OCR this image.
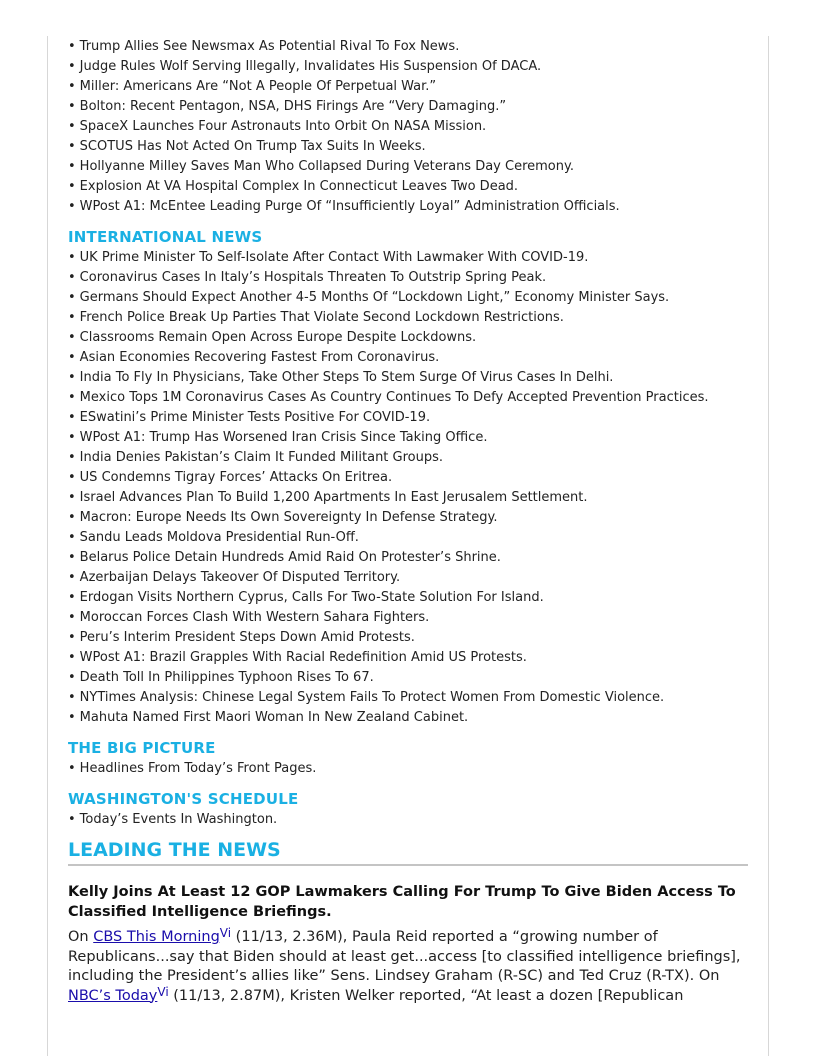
• Trump Allies See Newsmax As Potential Rival To Fox News.
• Judge Rules Wolf Serving Illegally, Invalidates His Suspension Of DACA.
• Miller: Americans Are “Not A People Of Perpetual War.”
• Bolton: Recent Pentagon, NSA, DHS Firings Are “Very Damaging.”
• SpaceX Launches Four Astronauts Into Orbit On NASA Mission.
• SCOTUS Has Not Acted On Trump Tax Suits In Weeks.
• Hollyanne Milley Saves Man Who Collapsed During Veterans Day Ceremony.
• Explosion At VA Hospital Complex In Connecticut Leaves Two Dead.
• WPost A1: McEntee Leading Purge Of “Insufficiently Loyal” Administration Officials.
INTERNATIONAL NEWS
• UK Prime Minister To Self-Isolate After Contact With Lawmaker With COVID-19.
• Coronavirus Cases In Italy’s Hospitals Threaten To Outstrip Spring Peak.
• Germans Should Expect Another 4-5 Months Of “Lockdown Light,” Economy Minister Says.
• French Police Break Up Parties That Violate Second Lockdown Restrictions.
• Classrooms Remain Open Across Europe Despite Lockdowns.
• Asian Economies Recovering Fastest From Coronavirus.
• India To Fly In Physicians, Take Other Steps To Stem Surge Of Virus Cases In Delhi.
• Mexico Tops 1M Coronavirus Cases As Country Continues To Defy Accepted Prevention Practices.
• ESwatini’s Prime Minister Tests Positive For COVID-19.
• WPost A1: Trump Has Worsened Iran Crisis Since Taking Office.
• India Denies Pakistan’s Claim It Funded Militant Groups.
• US Condemns Tigray Forces’ Attacks On Eritrea.
• Israel Advances Plan To Build 1,200 Apartments In East Jerusalem Settlement.
• Macron: Europe Needs Its Own Sovereignty In Defense Strategy.
• Sandu Leads Moldova Presidential Run-Off.
• Belarus Police Detain Hundreds Amid Raid On Protester’s Shrine.
• Azerbaijan Delays Takeover Of Disputed Territory.
• Erdogan Visits Northern Cyprus, Calls For Two-State Solution For Island.
• Moroccan Forces Clash With Western Sahara Fighters.
• Peru’s Interim President Steps Down Amid Protests.
• WPost A1: Brazil Grapples With Racial Redefinition Amid US Protests.
• Death Toll In Philippines Typhoon Rises To 67.
• NYTimes Analysis: Chinese Legal System Fails To Protect Women From Domestic Violence.
• Mahuta Named First Maori Woman In New Zealand Cabinet.
THE BIG PICTURE
• Headlines From Today’s Front Pages.
WASHINGTON'S SCHEDULE
• Today’s Events In Washington.
LEADING THE NEWS
Kelly Joins At Least 12 GOP Lawmakers Calling For Trump To Give Biden Access To Classified Intelligence Briefings.

On CBS This Morning$^{Vi}$ (11/13, 2.36M), Paula Reid reported a “growing number of Republicans...say that Biden should at least get...access [to classified intelligence briefings], including the President’s allies like” Sens. Lindsey Graham (R-SC) and Ted Cruz (R-TX). On NBC’s Today$^{Vi}$ (11/13, 2.87M), Kristen Welker reported, “At least a dozen [Republican
